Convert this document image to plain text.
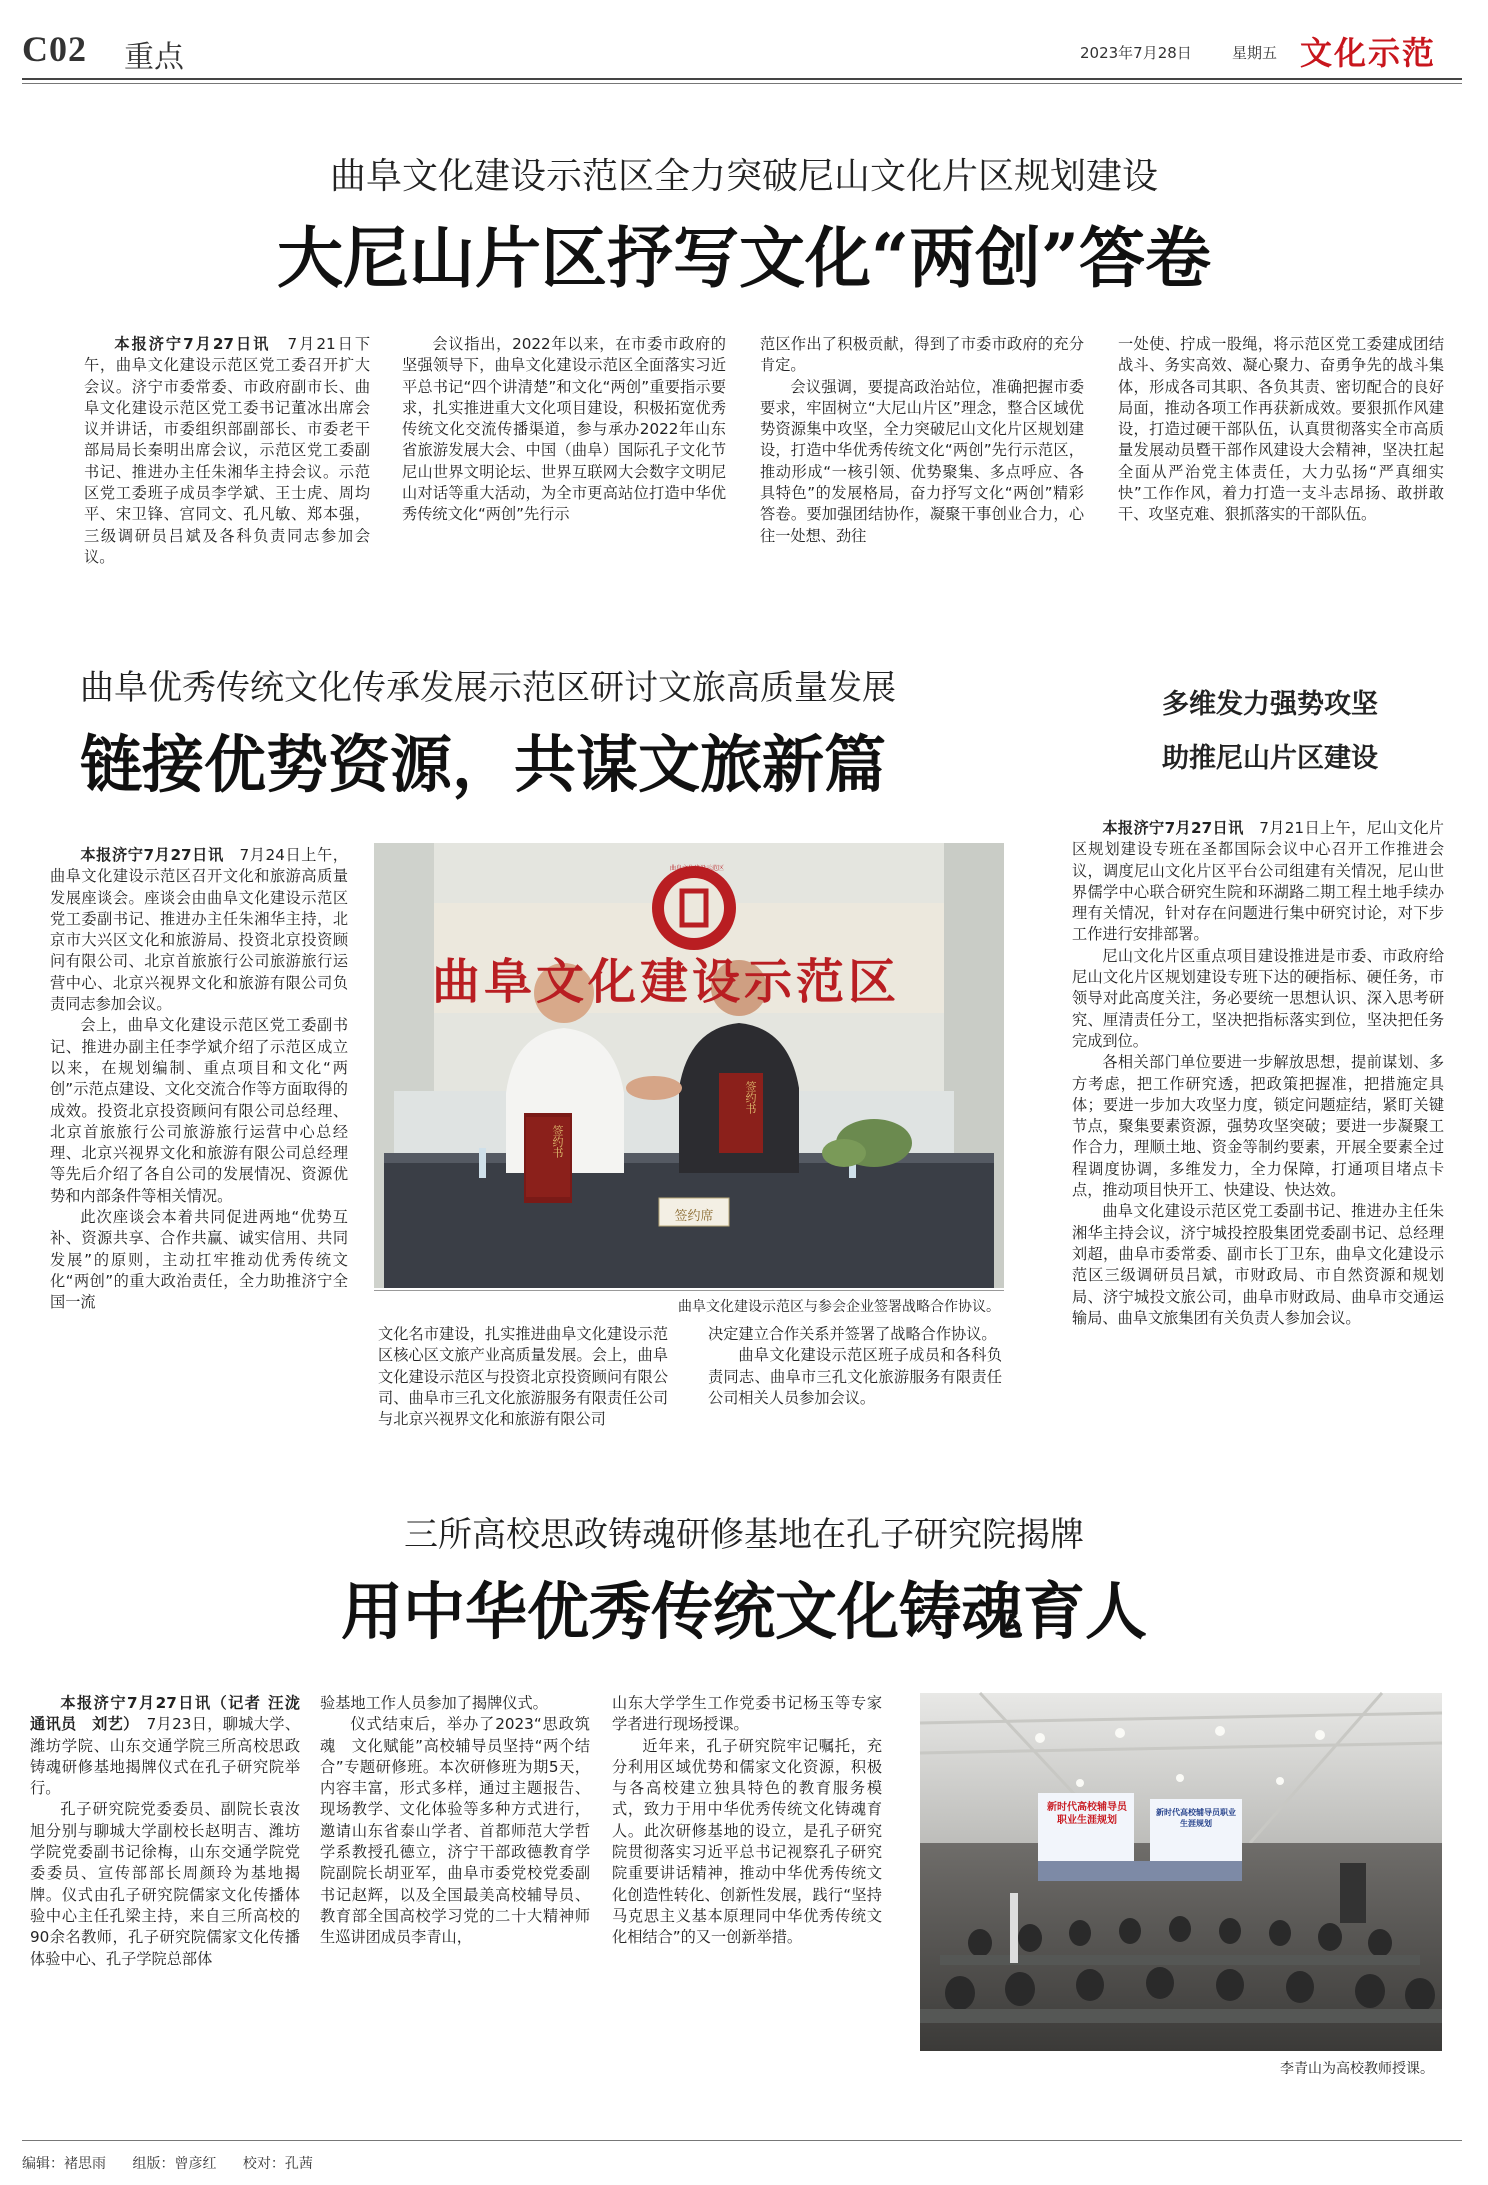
C02 重点	2023年7月28日	星期五 文化示范
曲阜文化建设示范区全力突破尼山文化片区规划建设
大尼山片区抒写文化“两创”答卷

本报济宁7月27日讯　 7月21日下午，曲阜文化建设示范区党工委召开扩大会议。济宁市委常委、市政府副市长、曲阜文化建设示范区党工委书记董冰出席会议并讲话，市委组织部副部长、市委老干部局局长秦明出席会议，示范区党工委副书记、推进办主任朱湘华主持会议。示范区党工委班子成员李学斌、王士虎、周均平、宋卫锋、宫同文、孔凡敏、郑本强，三级调研员吕斌及各科负责同志参加会议。

会议指出，2022年以来，在市委市政府的坚强领导下，曲阜文化建设示范区全面落实习近平总书记“四个讲清楚”和文化“两创”重要指示要求，扎实推进重大文化项目建设，积极拓宽优秀传统文化交流传播渠道，参与承办2022年山东省旅游发展大会、中国（曲阜）国际孔子文化节　尼山世界文明论坛、世界互联网大会数字文明尼山对话等重大活动，为全市更高站位打造中华优秀传统文化“两创”先行示

范区作出了积极贡献，得到了市委市政府的充分肯定。

会议强调，要提高政治站位，准确把握市委要求，牢固树立“大尼山片区”理念，整合区域优势资源集中攻坚，全力突破尼山文化片区规划建设，打造中华优秀传统文化“两创”先行示范区，推动形成“一核引领、优势聚集、多点呼应、各具特色”的发展格局，奋力抒写文化“两创”精彩答卷。要加强团结协作，凝聚干事创业合力，心往一处想、劲往

一处使、拧成一股绳，将示范区党工委建成团结战斗、务实高效、凝心聚力、奋勇争先的战斗集体，形成各司其职、各负其责、密切配合的良好局面，推动各项工作再获新成效。要狠抓作风建设，打造过硬干部队伍，认真贯彻落实全市高质量发展动员暨干部作风建设大会精神，坚决扛起全面从严治党主体责任，大力弘扬“严真细实快”工作作风，着力打造一支斗志昂扬、敢拼敢干、攻坚克难、狠抓落实的干部队伍。

曲阜优秀传统文化传承发展示范区研讨文旅高质量发展
链接优势资源，共谋文旅新篇

本报济宁7月27日讯　 7月24日上午，曲阜文化建设示范区召开文化和旅游高质量发展座谈会。座谈会由曲阜文化建设示范区党工委副书记、推进办主任朱湘华主持，北京市大兴区文化和旅游局、投资北京投资顾问有限公司、北京首旅旅行公司旅游旅行运营中心、北京兴视界文化和旅游有限公司负责同志参加会议。

会上，曲阜文化建设示范区党工委副书记、推进办副主任李学斌介绍了示范区成立以来，在规划编制、重点项目和文化“两创”示范点建设、文化交流合作等方面取得的成效。投资北京投资顾问有限公司总经理、北京首旅旅行公司旅游旅行运营中心总经理、北京兴视界文化和旅游有限公司总经理等先后介绍了各自公司的发展情况、资源优势和内部条件等相关情况。

此次座谈会本着共同促进两地“优势互补、资源共享、合作共赢、诚实信用、共同发展”的原则，主动扛牢推动优秀传统文化“两创”的重大政治责任，全力助推济宁全国一流

曲阜文化建设示范区
曲阜文化建设示范区
签约席
签约书
签约书
曲阜文化建设示范区与参会企业签署战略合作协议。

文化名市建设，扎实推进曲阜文化建设示范区核心区文旅产业高质量发展。会上，曲阜文化建设示范区与投资北京投资顾问有限公司、曲阜市三孔文化旅游服务有限责任公司与北京兴视界文化和旅游有限公司

决定建立合作关系并签署了战略合作协议。

曲阜文化建设示范区班子成员和各科负责同志、曲阜市三孔文化旅游服务有限责任公司相关人员参加会议。

多维发力强势攻坚
助推尼山片区建设

本报济宁7月27日讯　 7月21日上午，尼山文化片区规划建设专班在圣都国际会议中心召开工作推进会议，调度尼山文化片区平台公司组建有关情况，尼山世界儒学中心联合研究生院和环湖路二期工程土地手续办理有关情况，针对存在问题进行集中研究讨论，对下步工作进行安排部署。

尼山文化片区重点项目建设推进是市委、市政府给尼山文化片区规划建设专班下达的硬指标、硬任务，市领导对此高度关注，务必要统一思想认识、深入思考研究、厘清责任分工，坚决把指标落实到位，坚决把任务完成到位。

各相关部门单位要进一步解放思想，提前谋划、多方考虑，把工作研究透，把政策把握准，把措施定具体；要进一步加大攻坚力度，锁定问题症结，紧盯关键节点，聚集要素资源，强势攻坚突破；要进一步凝聚工作合力，理顺土地、资金等制约要素，开展全要素全过程调度协调，多维发力，全力保障，打通项目堵点卡点，推动项目快开工、快建设、快达效。

曲阜文化建设示范区党工委副书记、推进办主任朱湘华主持会议，济宁城投控股集团党委副书记、总经理刘超，曲阜市委常委、副市长丁卫东，曲阜文化建设示范区三级调研员吕斌，市财政局、市自然资源和规划局、济宁城投文旅公司，曲阜市财政局、曲阜市交通运输局、曲阜文旅集团有关负责人参加会议。

三所高校思政铸魂研修基地在孔子研究院揭牌
用中华优秀传统文化铸魂育人

本报济宁7月27日讯（记者 汪泷　通讯员　刘艺）　 7月23日，聊城大学、潍坊学院、山东交通学院三所高校思政铸魂研修基地揭牌仪式在孔子研究院举行。

孔子研究院党委委员、副院长袁汝旭分别与聊城大学副校长赵明吉、潍坊学院党委副书记徐梅，山东交通学院党委委员、宣传部部长周颜玲为基地揭牌。仪式由孔子研究院儒家文化传播体验中心主任孔梁主持，来自三所高校的90余名教师，孔子研究院儒家文化传播体验中心、孔子学院总部体

验基地工作人员参加了揭牌仪式。

仪式结束后，举办了2023“思政筑魂　文化赋能”高校辅导员坚持“两个结合”专题研修班。本次研修班为期5天，内容丰富，形式多样，通过主题报告、现场教学、文化体验等多种方式进行，邀请山东省泰山学者、首都师范大学哲学系教授孔德立，济宁干部政德教育学院副院长胡亚军，曲阜市委党校党委副书记赵辉，以及全国最美高校辅导员、教育部全国高校学习党的二十大精神师生巡讲团成员李青山，

山东大学学生工作党委书记杨玉等专家学者进行现场授课。

近年来，孔子研究院牢记嘱托，充分利用区域优势和儒家文化资源，积极与各高校建立独具特色的教育服务模式，致力于用中华优秀传统文化铸魂育人。此次研修基地的设立，是孔子研究院贯彻落实习近平总书记视察孔子研究院重要讲话精神，推动中华优秀传统文化创造性转化、创新性发展，践行“坚持马克思主义基本原理同中华优秀传统文化相结合”的又一创新举措。

新时代高校辅导员职业生涯规划
新时代高校辅导员职业生涯规划
李青山为高校教师授课。
编辑：褚思雨 组版：曾彦红 校对：孔茜
